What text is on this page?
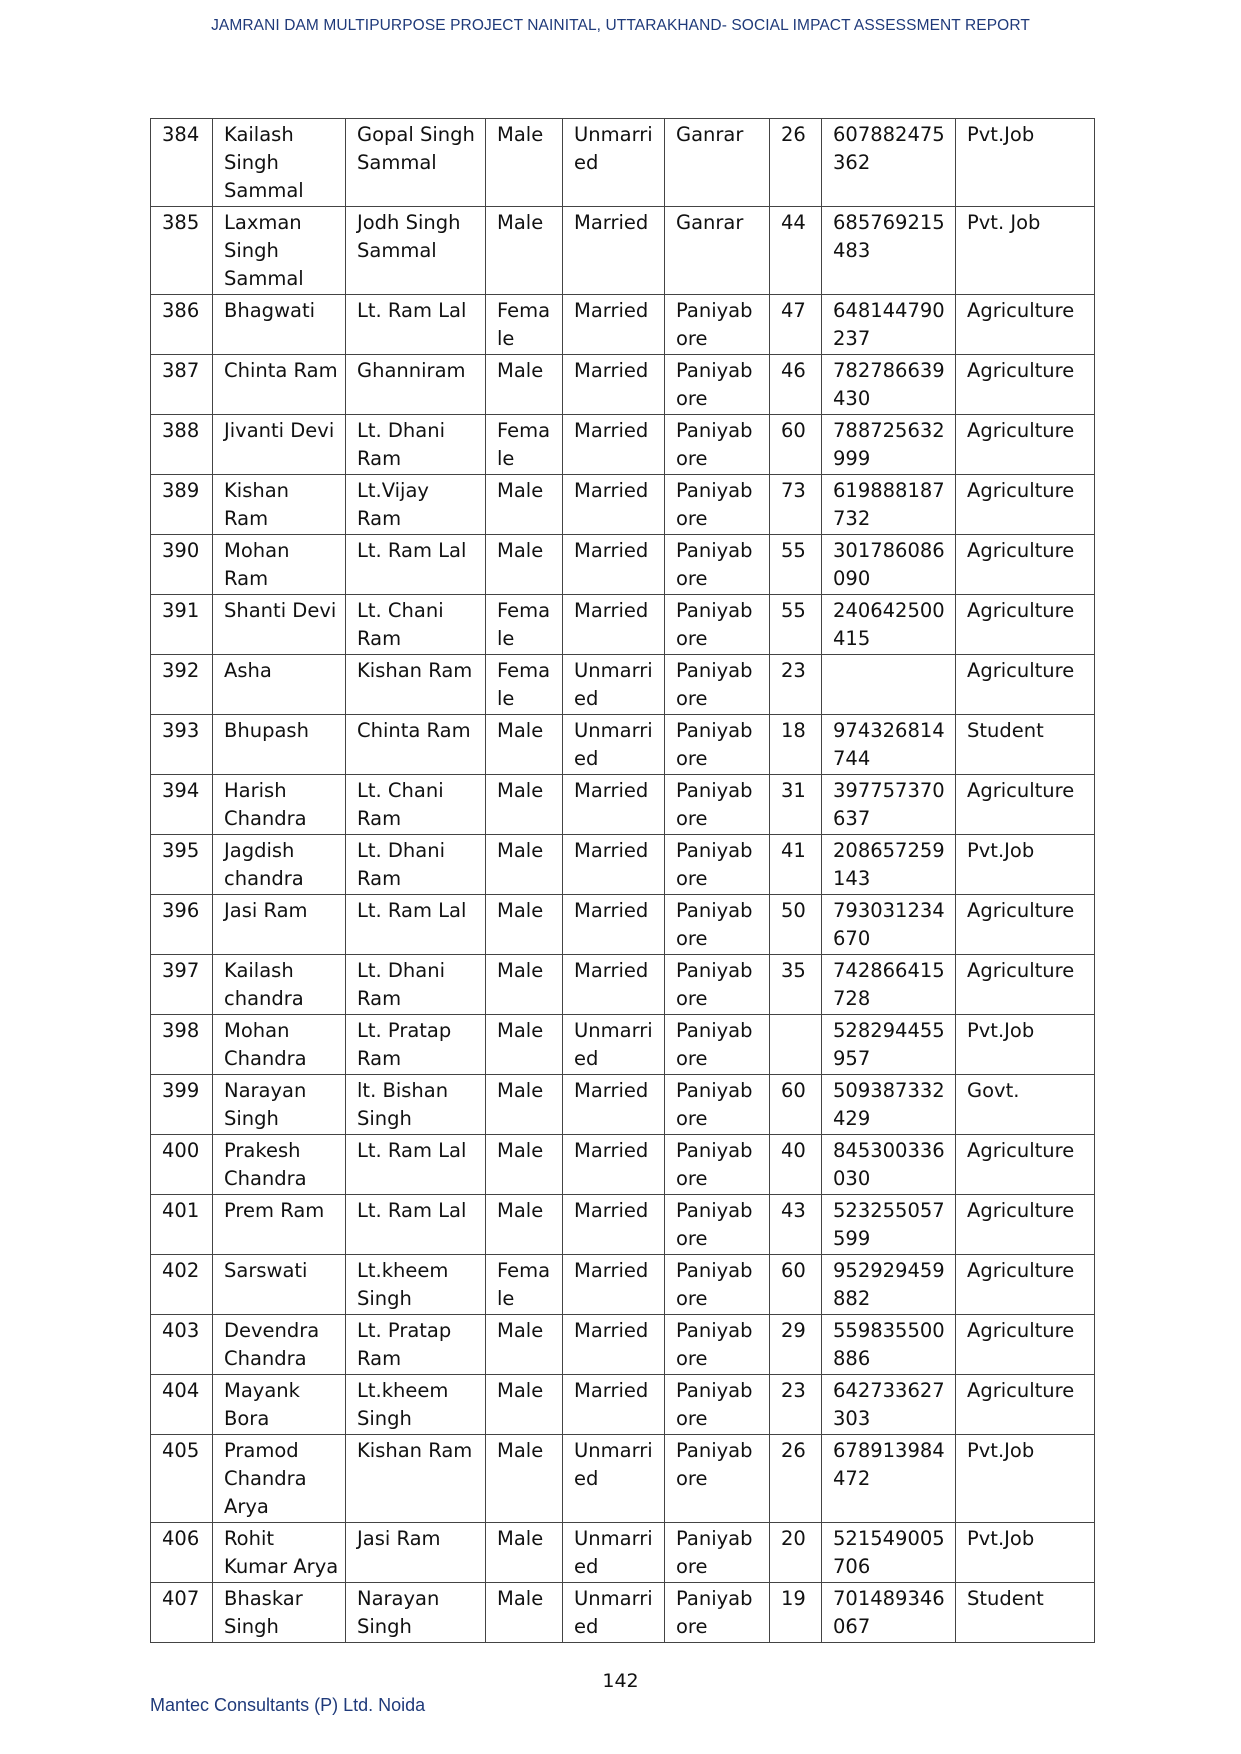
JAMRANI DAM MULTIPURPOSE PROJECT NAINITAL, UTTARAKHAND- SOCIAL IMPACT ASSESSMENT REPORT
384	Kailash Singh Sammal	Gopal Singh Sammal	Male	Unmarri ed	Ganrar	26	607882475 362	Pvt.Job
385	Laxman Singh Sammal	Jodh Singh Sammal	Male	Married	Ganrar	44	685769215 483	Pvt. Job
386	Bhagwati	Lt. Ram Lal	Fema le	Married	Paniyab ore	47	648144790 237	Agriculture
387	Chinta Ram	Ghanniram	Male	Married	Paniyab ore	46	782786639 430	Agriculture
388	Jivanti Devi	Lt. Dhani Ram	Fema le	Married	Paniyab ore	60	788725632 999	Agriculture
389	Kishan Ram	Lt.Vijay Ram	Male	Married	Paniyab ore	73	619888187 732	Agriculture
390	Mohan Ram	Lt. Ram Lal	Male	Married	Paniyab ore	55	301786086 090	Agriculture
391	Shanti Devi	Lt. Chani Ram	Fema le	Married	Paniyab ore	55	240642500 415	Agriculture
392	Asha	Kishan Ram	Fema le	Unmarri ed	Paniyab ore	23		Agriculture
393	Bhupash	Chinta Ram	Male	Unmarri ed	Paniyab ore	18	974326814 744	Student
394	Harish Chandra	Lt. Chani Ram	Male	Married	Paniyab ore	31	397757370 637	Agriculture
395	Jagdish chandra	Lt. Dhani Ram	Male	Married	Paniyab ore	41	208657259 143	Pvt.Job
396	Jasi Ram	Lt. Ram Lal	Male	Married	Paniyab ore	50	793031234 670	Agriculture
397	Kailash chandra	Lt. Dhani Ram	Male	Married	Paniyab ore	35	742866415 728	Agriculture
398	Mohan Chandra	Lt. Pratap Ram	Male	Unmarri ed	Paniyab ore		528294455 957	Pvt.Job
399	Narayan Singh	lt. Bishan Singh	Male	Married	Paniyab ore	60	509387332 429	Govt.
400	Prakesh Chandra	Lt. Ram Lal	Male	Married	Paniyab ore	40	845300336 030	Agriculture
401	Prem Ram	Lt. Ram Lal	Male	Married	Paniyab ore	43	523255057 599	Agriculture
402	Sarswati	Lt.kheem Singh	Fema le	Married	Paniyab ore	60	952929459 882	Agriculture
403	Devendra Chandra	Lt. Pratap Ram	Male	Married	Paniyab ore	29	559835500 886	Agriculture
404	Mayank Bora	Lt.kheem Singh	Male	Married	Paniyab ore	23	642733627 303	Agriculture
405	Pramod Chandra Arya	Kishan Ram	Male	Unmarri ed	Paniyab ore	26	678913984 472	Pvt.Job
406	Rohit Kumar Arya	Jasi Ram	Male	Unmarri ed	Paniyab ore	20	521549005 706	Pvt.Job
407	Bhaskar Singh	Narayan Singh	Male	Unmarri ed	Paniyab ore	19	701489346 067	Student
142
Mantec Consultants (P) Ltd. Noida
